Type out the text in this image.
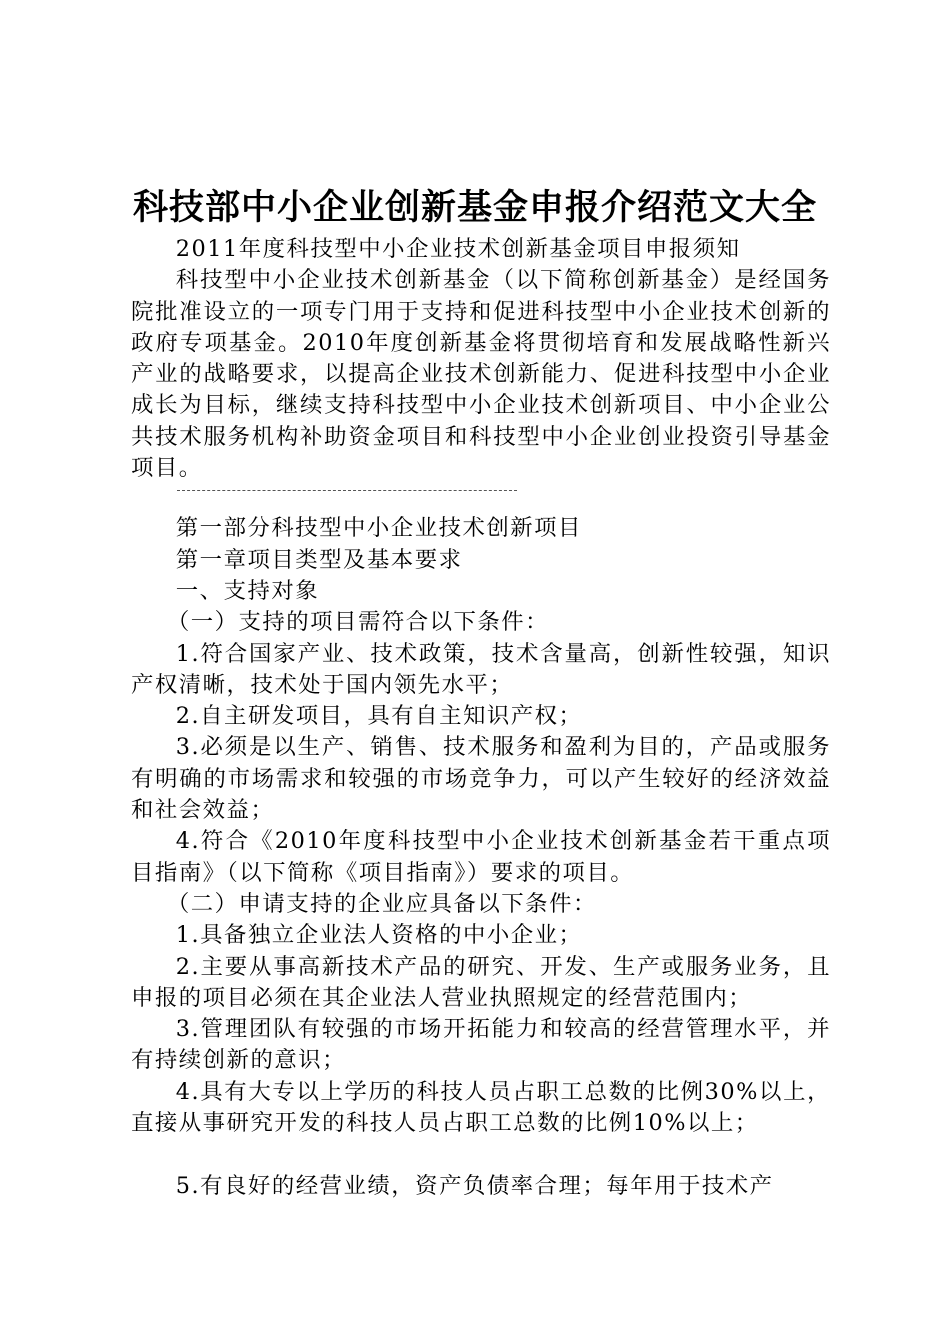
科技部中小企业创新基金申报介绍范文大全

2011年度科技型中小企业技术创新基金项目申报须知

科技型中小企业技术创新基金（以下简称创新基金）是经国务院批准设立的一项专门用于支持和促进科技型中小企业技术创新的政府专项基金。2010年度创新基金将贯彻培育和发展战略性新兴产业的战略要求，以提高企业技术创新能力、促进科技型中小企业成长为目标，继续支持科技型中小企业技术创新项目、中小企业公共技术服务机构补助资金项目和科技型中小企业创业投资引导基金项目。

第一部分科技型中小企业技术创新项目

第一章项目类型及基本要求

一、支持对象

（一）支持的项目需符合以下条件：

1.符合国家产业、技术政策，技术含量高，创新性较强，知识产权清晰，技术处于国内领先水平；

2.自主研发项目，具有自主知识产权；

3.必须是以生产、销售、技术服务和盈利为目的，产品或服务有明确的市场需求和较强的市场竞争力，可以产生较好的经济效益和社会效益；

4.符合《2010年度科技型中小企业技术创新基金若干重点项目指南》（以下简称《项目指南》）要求的项目。

（二）申请支持的企业应具备以下条件：

1.具备独立企业法人资格的中小企业；

2.主要从事高新技术产品的研究、开发、生产或服务业务，且申报的项目必须在其企业法人营业执照规定的经营范围内；

3.管理团队有较强的市场开拓能力和较高的经营管理水平，并有持续创新的意识；

4.具有大专以上学历的科技人员占职工总数的比例30%以上，直接从事研究开发的科技人员占职工总数的比例10%以上；

5.有良好的经营业绩，资产负债率合理；每年用于技术产
